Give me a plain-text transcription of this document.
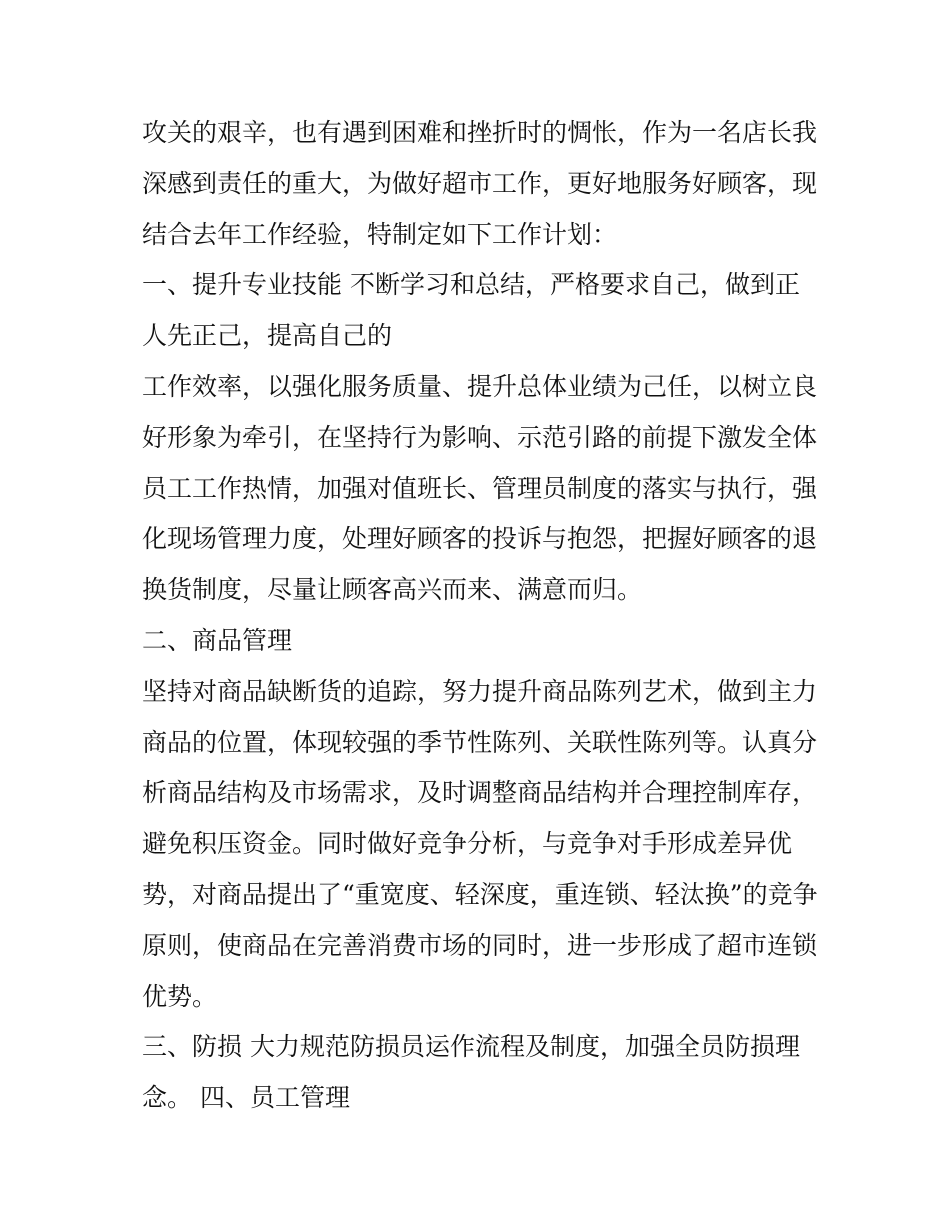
攻关的艰辛，也有遇到困难和挫折时的惆怅，作为一名店长我
深感到责任的重大，为做好超市工作，更好地服务好顾客，现
结合去年工作经验，特制定如下工作计划：
一、提升专业技能 不断学习和总结，严格要求自己，做到正
人先正己，提高自己的
工作效率，以强化服务质量、提升总体业绩为己任，以树立良
好形象为牵引，在坚持行为影响、示范引路的前提下激发全体
员工工作热情，加强对值班长、管理员制度的落实与执行，强
化现场管理力度，处理好顾客的投诉与抱怨，把握好顾客的退
换货制度，尽量让顾客高兴而来、满意而归。
二、商品管理
坚持对商品缺断货的追踪，努力提升商品陈列艺术，做到主力
商品的位置，体现较强的季节性陈列、关联性陈列等。认真分
析商品结构及市场需求，及时调整商品结构并合理控制库存，
避免积压资金。同时做好竞争分析，与竞争对手形成差异优
势，对商品提出了“重宽度、轻深度，重连锁、轻汰换”的竞争
原则，使商品在完善消费市场的同时，进一步形成了超市连锁
优势。
三、防损 大力规范防损员运作流程及制度，加强全员防损理
念。 四、员工管理
